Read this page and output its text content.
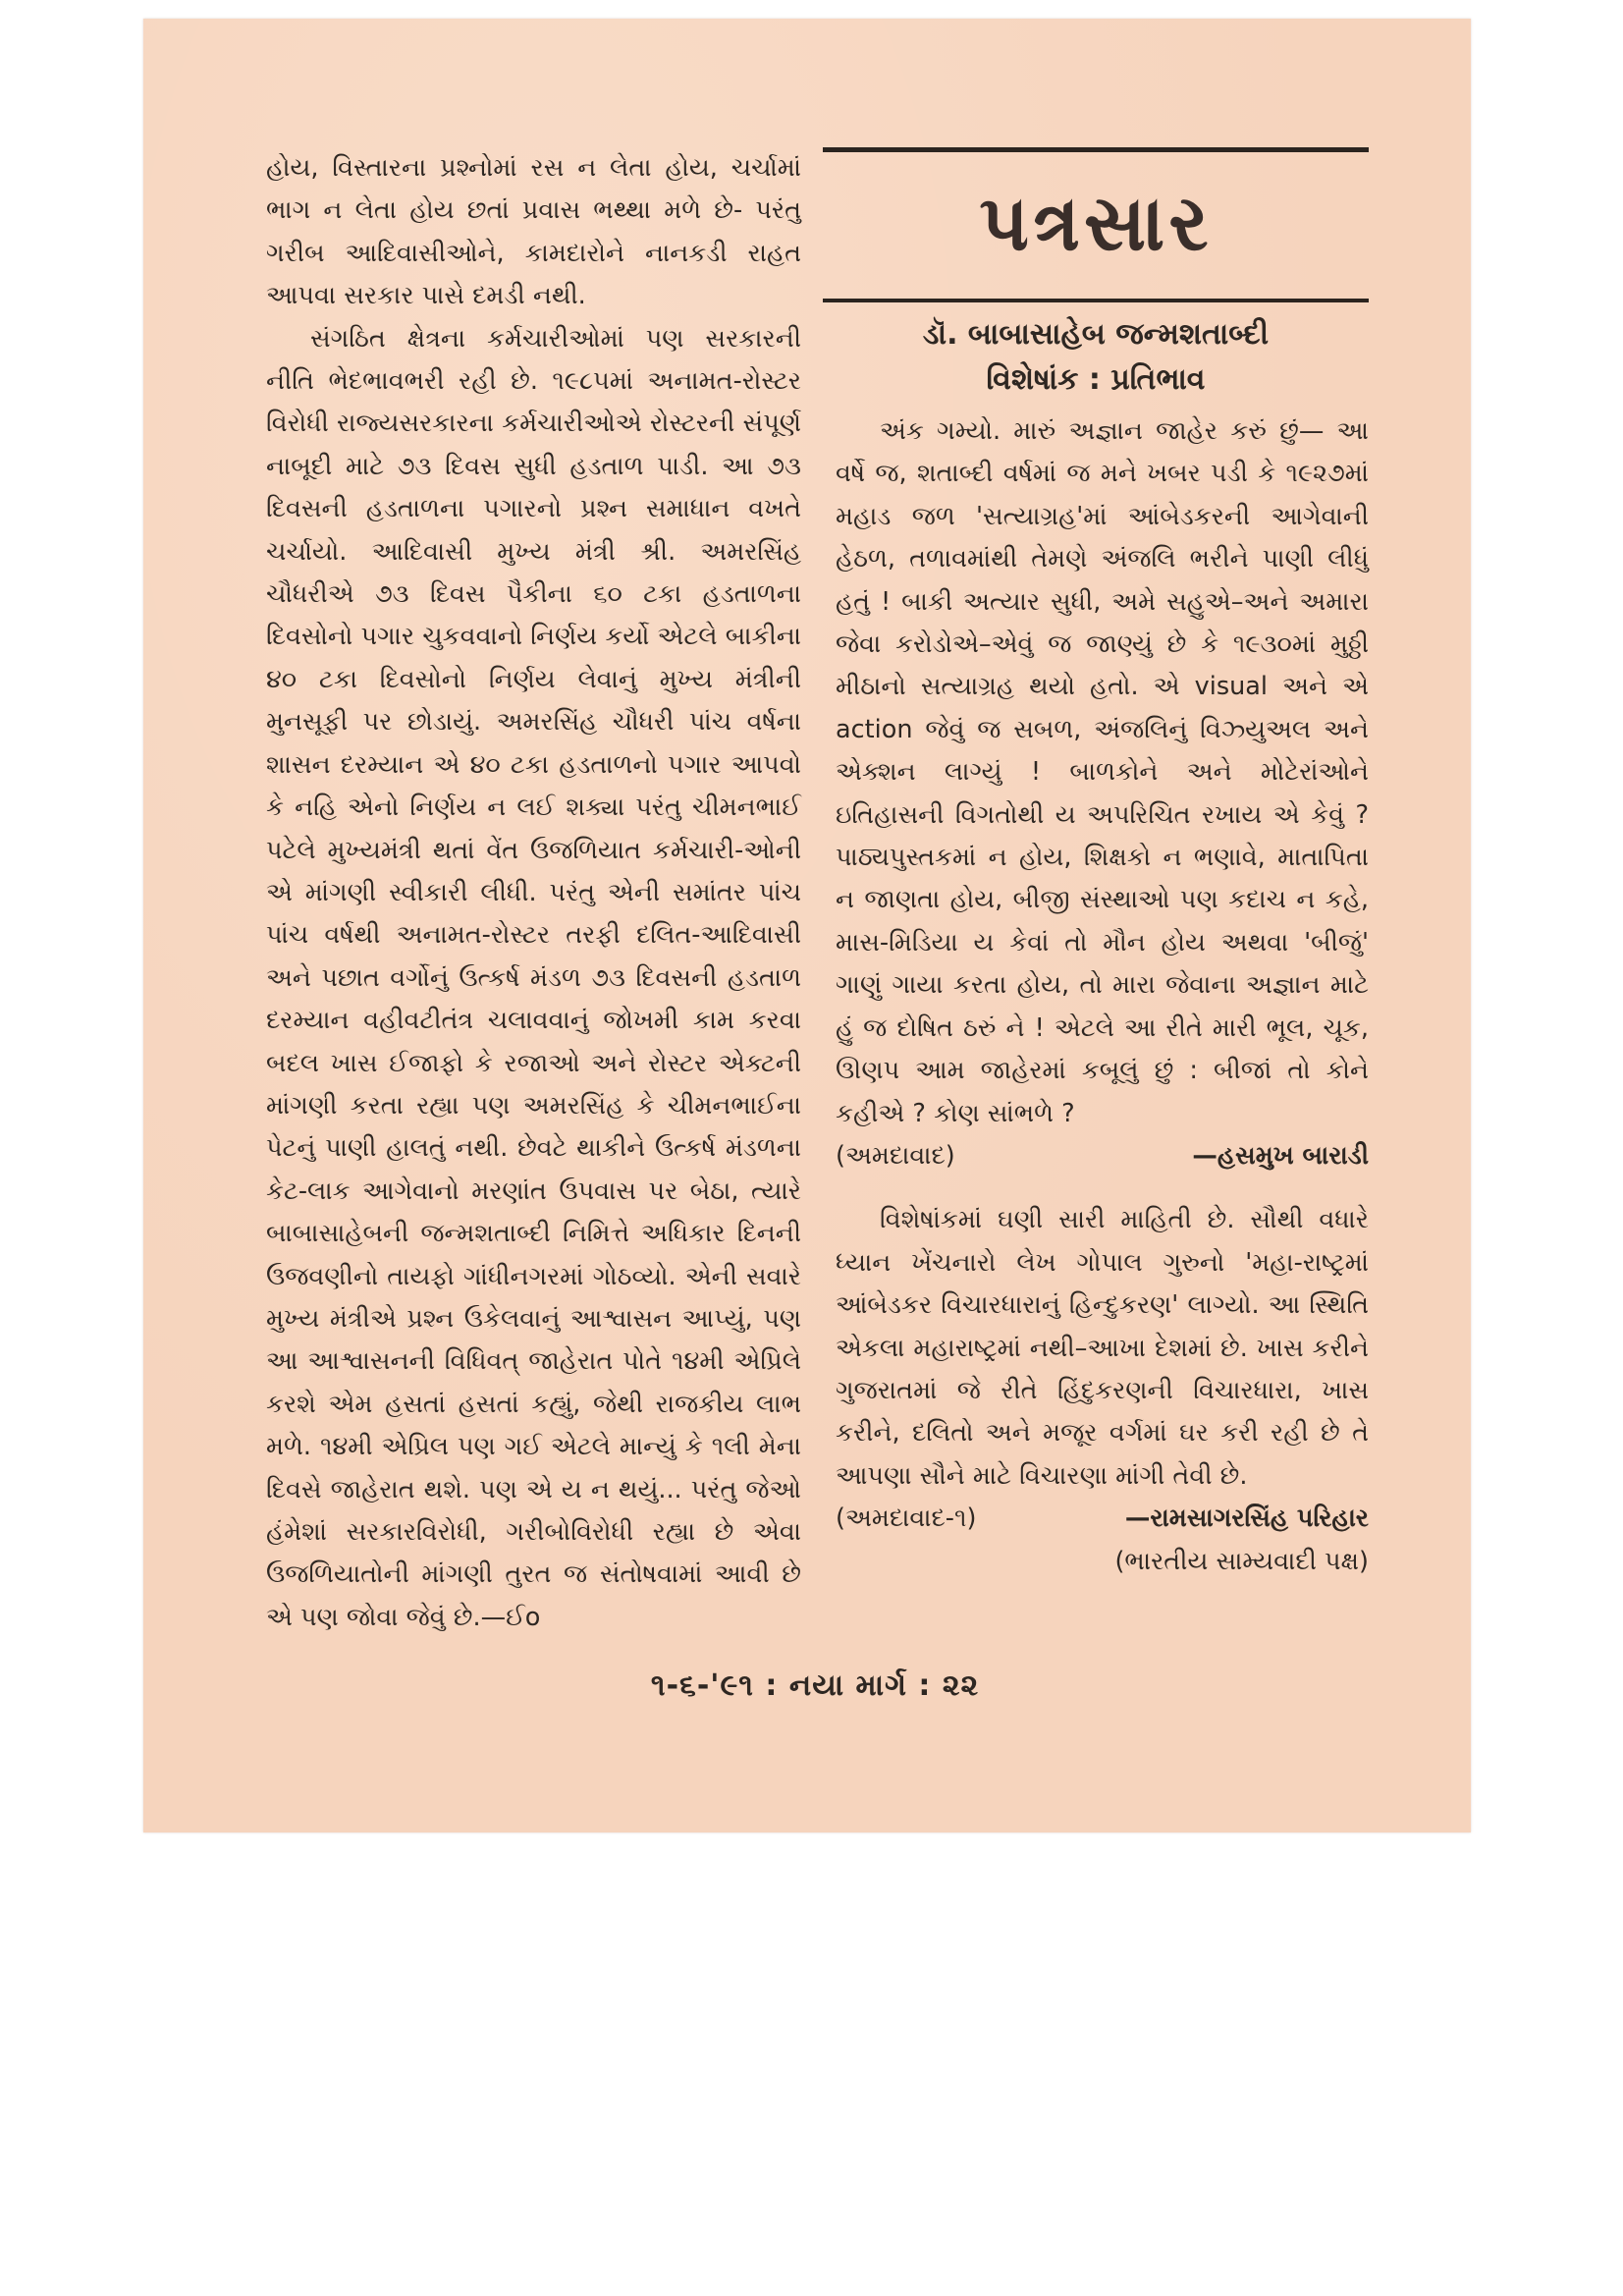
હોય, વિસ્તારના પ્રશ્નોમાં રસ ન લેતા હોય, ચર્ચામાં ભાગ ન લેતા હોય છતાં પ્રવાસ ભથ્થા મળે છે- પરંતુ ગરીબ આદિવાસીઓને, કામદારોને નાનકડી રાહત આપવા સરકાર પાસે દમડી નથી.

સંગઠિત ક્ષેત્રના કર્મચારીઓમાં પણ સરકારની નીતિ ભેદભાવભરી રહી છે. ૧૯૮૫માં અનામત-રોસ્ટર વિરોધી રાજ્યસરકારના કર્મચારીઓએ રોસ્ટરની સંપૂર્ણ નાબૂદી માટે ૭૩ દિવસ સુધી હડતાળ પાડી. આ ૭૩ દિવસની હડતાળના પગારનો પ્રશ્ન સમાધાન વખતે ચર્ચાયો. આદિવાસી મુખ્ય મંત્રી શ્રી. અમરસિંહ ચૌધરીએ ૭૩ દિવસ પૈકીના ૬૦ ટકા હડતાળના દિવસોનો પગાર ચુકવવાનો નિર્ણય કર્યો એટલે બાકીના ૪૦ ટકા દિવસોનો નિર્ણય લેવાનું મુખ્ય મંત્રીની મુનસૂફી પર છોડાયું. અમરસિંહ ચૌધરી પાંચ વર્ષના શાસન દરમ્યાન એ ૪૦ ટકા હડતાળનો પગાર આપવો કે નહિ એનો નિર્ણય ન લઈ શક્યા પરંતુ ચીમનભાઈ પટેલે મુખ્યમંત્રી થતાં વેંત ઉજળિયાત કર્મચારી-ઓની એ માંગણી સ્વીકારી લીધી. પરંતુ એની સમાંતર પાંચ પાંચ વર્ષથી અનામત-રોસ્ટર તરફી દલિત-આદિવાસી અને પછાત વર્ગોનું ઉત્કર્ષ મંડળ ૭૩ દિવસની હડતાળ દરમ્યાન વહીવટીતંત્ર ચલાવવાનું જોખમી કામ કરવા બદલ ખાસ ઈજાફો કે રજાઓ અને રોસ્ટર એક્ટની માંગણી કરતા રહ્યા પણ અમરસિંહ કે ચીમનભાઈના પેટનું પાણી હાલતું નથી. છેવટે થાકીને ઉત્કર્ષ મંડળના કેટ-લાક આગેવાનો મરણાંત ઉપવાસ પર બેઠા, ત્યારે બાબાસાહેબની જન્મશતાબ્દી નિમિત્તે અધિકાર દિનની ઉજવણીનો તાયફો ગાંધીનગરમાં ગોઠવ્યો. એની સવારે મુખ્ય મંત્રીએ પ્રશ્ન ઉકેલવાનું આશ્વાસન આપ્યું, પણ આ આશ્વાસનની વિધિવત્ જાહેરાત પોતે ૧૪મી એપ્રિલે કરશે એમ હસતાં હસતાં કહ્યું, જેથી રાજકીય લાભ મળે. ૧૪મી એપ્રિલ પણ ગઈ એટલે માન્યું કે ૧લી મેના દિવસે જાહેરાત થશે. પણ એ ય ન થયું... પરંતુ જેઓ હંમેશાં સરકારવિરોધી, ગરીબોવિરોધી રહ્યા છે એવા ઉજળિયાતોની માંગણી તુરત જ સંતોષવામાં આવી છે એ પણ જોવા જેવું છે.—ઈo

પત્રસાર
ડૉ. બાબાસાહેબ જન્મશતાબ્દી
વિશેષાંક : પ્રતિભાવ

અંક ગમ્યો. મારું અજ્ઞાન જાહેર કરું છું— આ વર્ષે જ, શતાબ્દી વર્ષમાં જ મને ખબર પડી કે ૧૯૨૭માં મહાડ જળ 'સત્યાગ્રહ'માં આંબેડકરની આગેવાની હેઠળ, તળાવમાંથી તેમણે અંજલિ ભરીને પાણી લીધું હતું ! બાકી અત્યાર સુધી, અમે સહુએ–અને અમારા જેવા કરોડોએ–એવું જ જાણ્યું છે કે ૧૯૩૦માં મુઠ્ઠી મીઠાનો સત્યાગ્રહ થયો હતો. એ visual અને એ action જેવું જ સબળ, અંજલિનું વિઝ્યુઅલ અને એક્શન લાગ્યું ! બાળકોને અને મોટેરાંઓને ઇતિહાસની વિગતોથી ય અપરિચિત રખાય એ કેવું ? પાઠ્યપુસ્તકમાં ન હોય, શિક્ષકો ન ભણાવે, માતાપિતા ન જાણતા હોય, બીજી સંસ્થાઓ પણ કદાચ ન કહે, માસ-મિડિયા ય કેવાં તો મૌન હોય અથવા 'બીજું' ગાણું ગાયા કરતા હોય, તો મારા જેવાના અજ્ઞાન માટે હું જ દોષિત ઠરું ને ! એટલે આ રીતે મારી ભૂલ, ચૂક, ઊણપ આમ જાહેરમાં કબૂલું છું : બીજાં તો કોને કહીએ ? કોણ સાંભળે ?

(અમદાવાદ)	—હસમુખ બારાડી

વિશેષાંકમાં ઘણી સારી માહિતી છે. સૌથી વધારે ધ્યાન ખેંચનારો લેખ ગોપાલ ગુરુનો 'મહા-રાષ્ટ્રમાં આંબેડકર વિચારધારાનું હિન્દુકરણ' લાગ્યો. આ સ્થિતિ એકલા મહારાષ્ટ્રમાં નથી–આખા દેશમાં છે. ખાસ કરીને ગુજરાતમાં જે રીતે હિંદુકરણની વિચારધારા, ખાસ કરીને, દલિતો અને મજૂર વર્ગમાં ઘર કરી રહી છે તે આપણા સૌને માટે વિચારણા માંગી તેવી છે.

(અમદાવાદ-૧)	—રામસાગરસિંહ પરિહાર
(ભારતીય સામ્યવાદી પક્ષ)
૧-૬-'૯૧ : નયા માર્ગ : ૨૨
